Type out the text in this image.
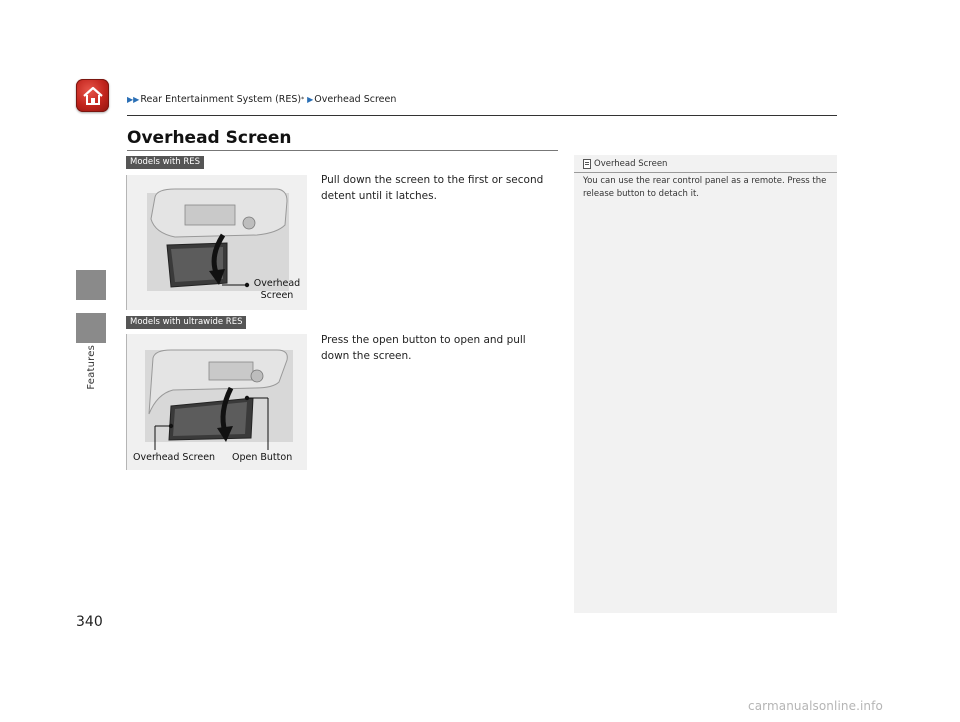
Features
▶▶ Rear Entertainment System (RES) * ▶ Overhead Screen
Overhead Screen
Models with RES
Overhead
Screen

Pull down the screen to the first or second detent until it latches.

Models with ultrawide RES
Overhead Screen Open Button

Press the open button to open and pull down the screen.

Overhead Screen

You can use the rear control panel as a remote. Press the release button to detach it.

340
carmanualsonline.info
